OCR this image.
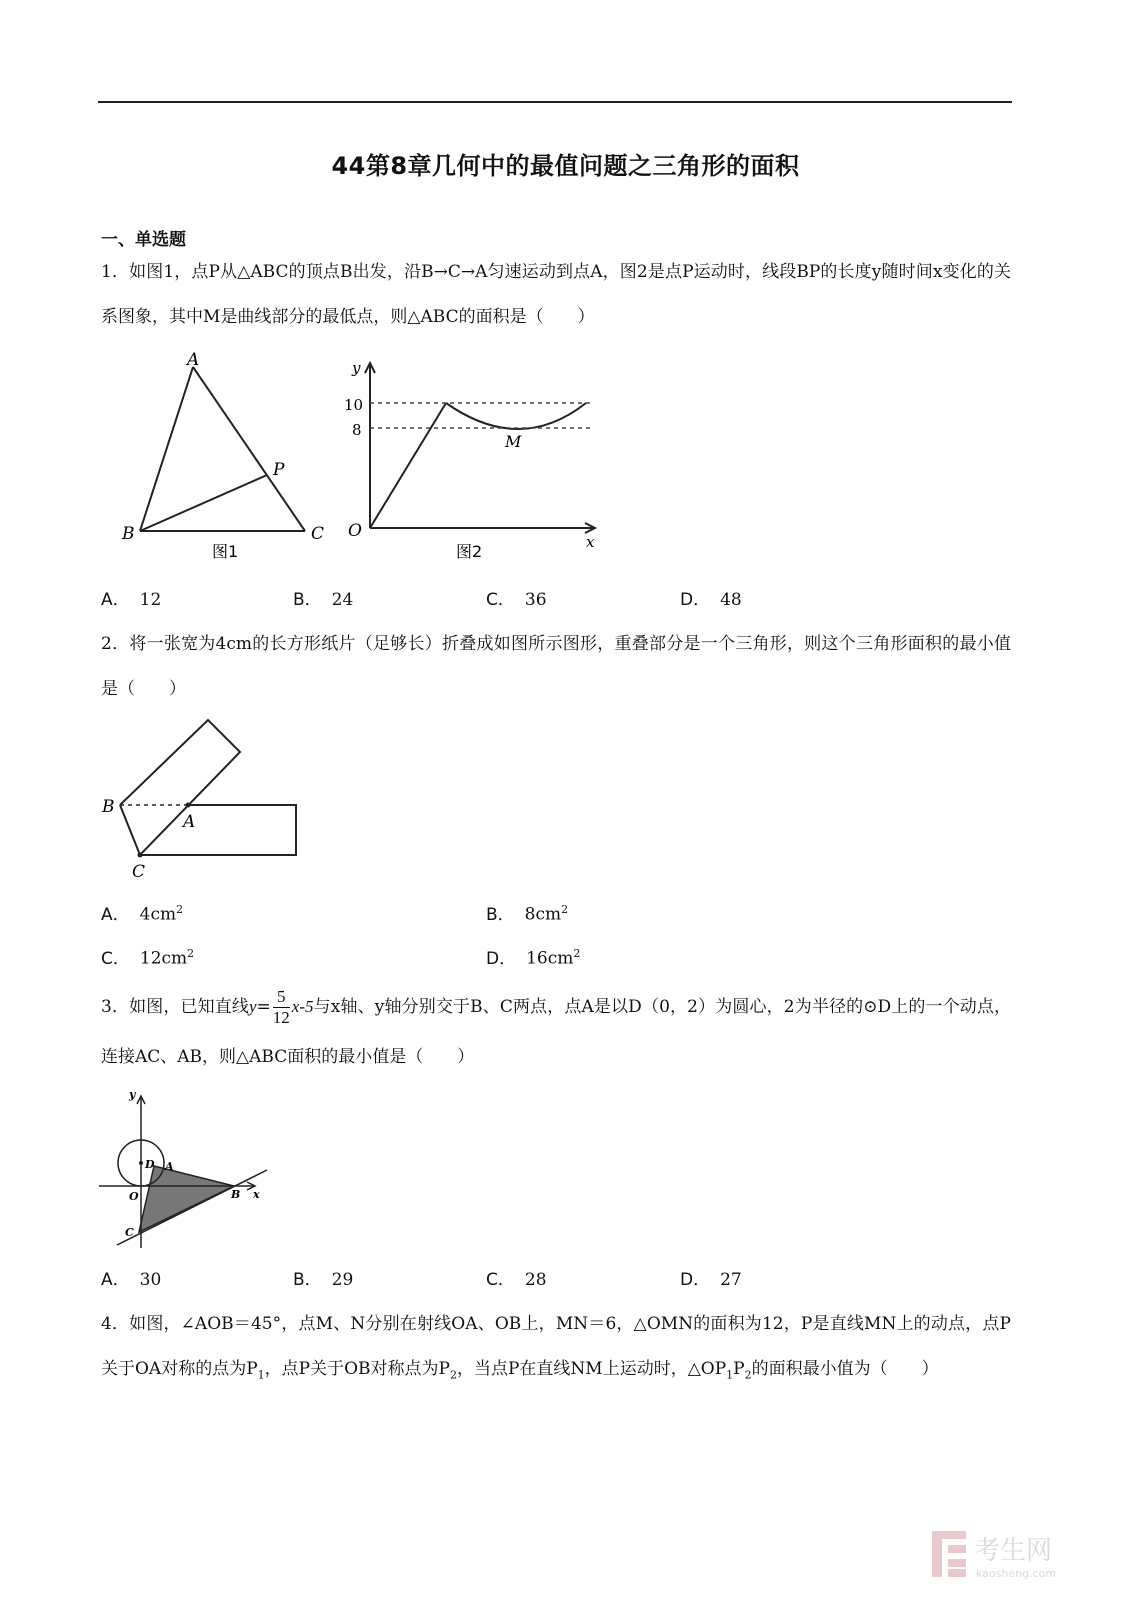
44第8章几何中的最值问题之三角形的面积
一、单选题
1．如图1，点P从△ABC的顶点B出发，沿B→C→A匀速运动到点A，图2是点P运动时，线段BP的长度y随时间x变化的关系图象，其中M是曲线部分的最低点，则△ABC的面积是（　　）
A
B	C
P
图1
y
x
O
M
10
8
图2
A． 12	B． 24	C． 36	D． 48
2．将一张宽为4cm的长方形纸片（足够长）折叠成如图所示图形，重叠部分是一个三角形，则这个三角形面积的最小值是（　　）
B
A
C
A． $4cm^2$	B． $8cm^2$
C． $12cm^2$	D． $16cm^2$
3．如图，已知直线$y= \frac{5}{12} x-5$与x轴、y轴分别交于B、C两点，点A是以D（0，2）为圆心，2为半径的⊙D上的一个动点，连接AC、AB，则△ABC面积的最小值是（　　）
y
x
O
D A
B
C
A． 30	B． 29	C． 28	D． 27
4．如图，∠AOB＝45°，点M、N分别在射线OA、OB上，MN＝6，△OMN的面积为12，P是直线MN上的动点，点P关于OA对称的点为$P_1$，点P关于OB对称点为$P_2$，当点P在直线NM上运动时，$\triangle OP_1P_2$的面积最小值为（　　）
考生网
kaosheng.com
